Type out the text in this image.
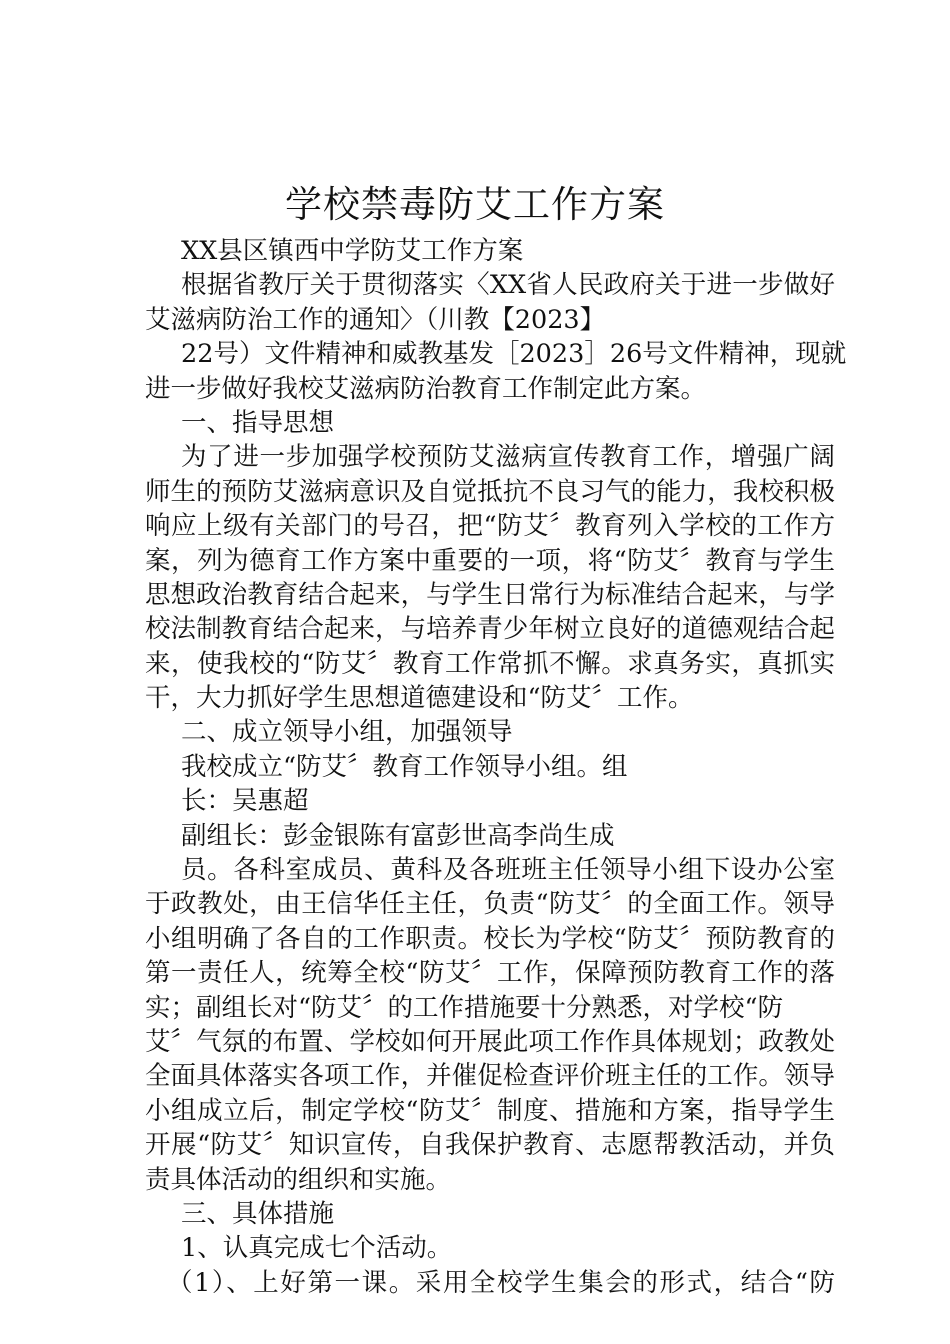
学校禁毒防艾工作方案
XX县区镇西中学防艾工作方案
根据省教厅关于贯彻落实〈XX省人民政府关于进一步做好
艾滋病防治工作的通知〉（川教【2023】
22号）文件精神和威教基发［2023］26号文件精神，现就
进一步做好我校艾滋病防治教育工作制定此方案。
一、指导思想
为了进一步加强学校预防艾滋病宣传教育工作，增强广阔
师生的预防艾滋病意识及自觉抵抗不良习气的能力，我校积极
响应上级有关部门的号召，把“防艾〞教育列入学校的工作方
案，列为德育工作方案中重要的一项，将“防艾〞教育与学生
思想政治教育结合起来，与学生日常行为标准结合起来，与学
校法制教育结合起来，与培养青少年树立良好的道德观结合起
来，使我校的“防艾〞教育工作常抓不懈。求真务实，真抓实
干，大力抓好学生思想道德建设和“防艾〞工作。
二、成立领导小组，加强领导
我校成立“防艾〞教育工作领导小组。组
长：吴惠超
副组长：彭金银陈有富彭世高李尚生成
员。各科室成员、黄科及各班班主任领导小组下设办公室
于政教处，由王信华任主任，负责“防艾〞的全面工作。领导
小组明确了各自的工作职责。校长为学校“防艾〞预防教育的
第一责任人，统筹全校“防艾〞工作，保障预防教育工作的落
实；副组长对“防艾〞的工作措施要十分熟悉，对学校“防
艾〞气氛的布置、学校如何开展此项工作作具体规划；政教处
全面具体落实各项工作，并催促检查评价班主任的工作。领导
小组成立后，制定学校“防艾〞制度、措施和方案，指导学生
开展“防艾〞知识宣传，自我保护教育、志愿帮教活动，并负
责具体活动的组织和实施。
三、具体措施
1、认真完成七个活动。
（1）、上好第一课。采用全校学生集会的形式，结合“防
